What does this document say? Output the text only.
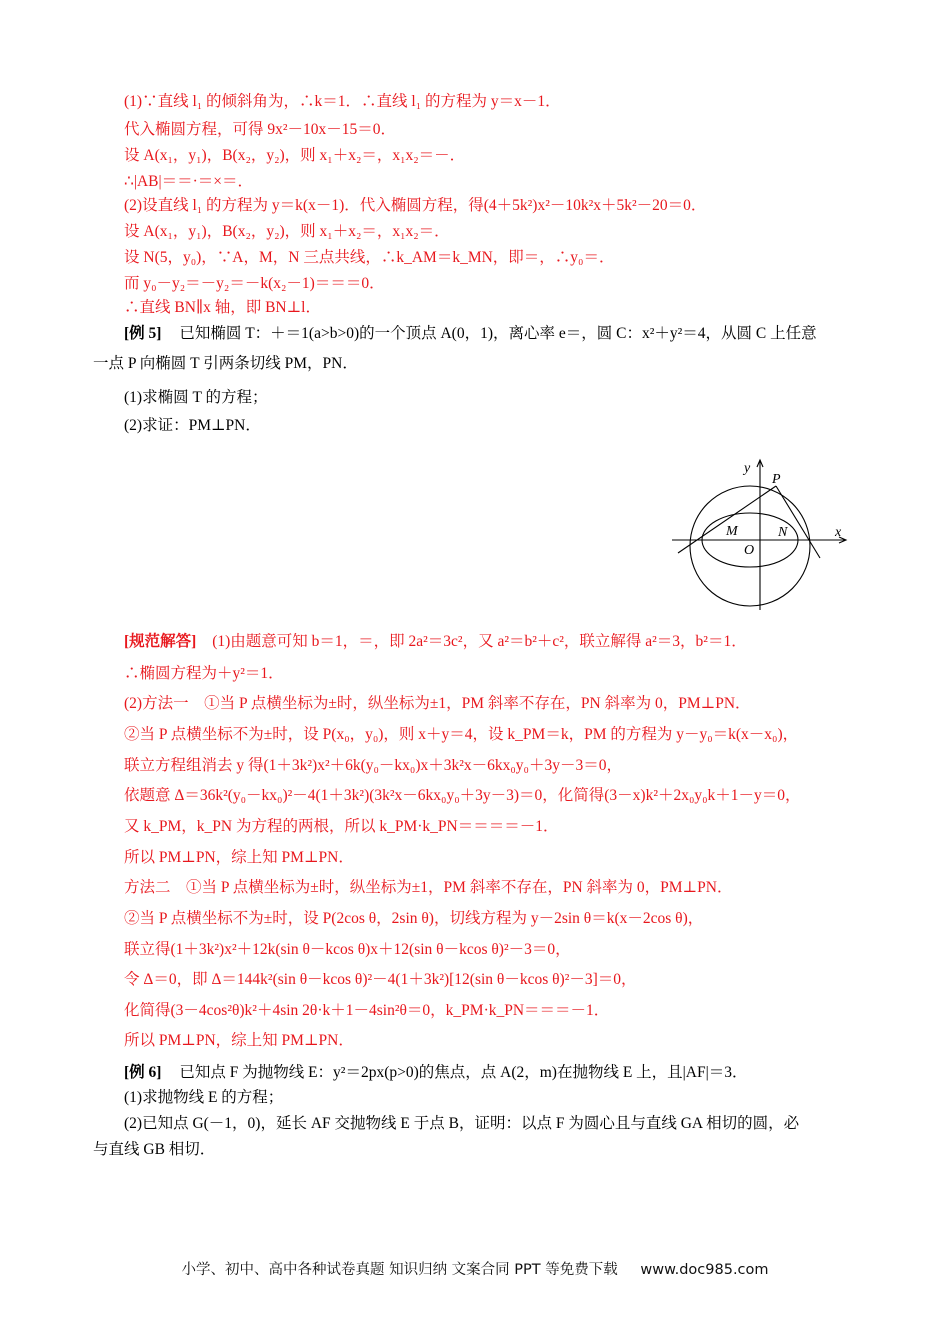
(1)∵直线 l₁ 的倾斜角为，∴k＝1．∴直线 l₁ 的方程为 y＝x－1．
代入椭圆方程，可得 9x²－10x－15＝0．
设 A(x₁，y₁)，B(x₂，y₂)，则 x₁＋x₂＝，x₁x₂＝－．
∴|AB|＝＝·＝×＝．
(2)设直线 l₁ 的方程为 y＝k(x－1)．代入椭圆方程，得(4＋5k²)x²－10k²x＋5k²－20＝0．
设 A(x₁，y₁)，B(x₂，y₂)，则 x₁＋x₂＝，x₁x₂＝．
设 N(5，y₀)，∵A，M，N 三点共线，∴k_AM＝k_MN，即＝，∴y₀＝．
而 y₀－y₂＝－y₂＝－k(x₂－1)＝＝＝0．
∴直线 BN∥x 轴，即 BN⊥l．
[例 5] 已知椭圆 T：＋＝1(a>b>0)的一个顶点 A(0，1)，离心率 e＝，圆 C：x²＋y²＝4，从圆 C 上任意
一点 P 向椭圆 T 引两条切线 PM，PN．
(1)求椭圆 T 的方程；
(2)求证：PM⊥PN．
y
x
P
M	N
O
[规范解答] (1)由题意可知 b＝1，＝，即 2a²＝3c²，又 a²＝b²＋c²，联立解得 a²＝3，b²＝1．
∴椭圆方程为＋y²＝1．
(2)方法一　①当 P 点横坐标为±时，纵坐标为±1，PM 斜率不存在，PN 斜率为 0，PM⊥PN．
②当 P 点横坐标不为±时，设 P(x₀，y₀)，则 x＋y＝4，设 k_PM＝k，PM 的方程为 y－y₀＝k(x－x₀)，
联立方程组消去 y 得(1＋3k²)x²＋6k(y₀－kx₀)x＋3k²x－6kx₀y₀＋3y－3＝0，
依题意 Δ＝36k²(y₀－kx₀)²－4(1＋3k²)(3k²x－6kx₀y₀＋3y－3)＝0，化简得(3－x)k²＋2x₀y₀k＋1－y＝0，
又 k_PM，k_PN 为方程的两根，所以 k_PM·k_PN＝＝＝＝－1．
所以 PM⊥PN，综上知 PM⊥PN．
方法二　①当 P 点横坐标为±时，纵坐标为±1，PM 斜率不存在，PN 斜率为 0，PM⊥PN．
②当 P 点横坐标不为±时，设 P(2cos θ，2sin θ)，切线方程为 y－2sin θ＝k(x－2cos θ)，
联立得(1＋3k²)x²＋12k(sin θ－kcos θ)x＋12(sin θ－kcos θ)²－3＝0，
令 Δ＝0，即 Δ＝144k²(sin θ－kcos θ)²－4(1＋3k²)[12(sin θ－kcos θ)²－3]＝0，
化简得(3－4cos²θ)k²＋4sin 2θ·k＋1－4sin²θ＝0，k_PM·k_PN＝＝＝－1．
所以 PM⊥PN，综上知 PM⊥PN．
[例 6] 已知点 F 为抛物线 E：y²＝2px(p>0)的焦点，点 A(2，m)在抛物线 E 上，且|AF|＝3．
(1)求抛物线 E 的方程；
(2)已知点 G(－1，0)，延长 AF 交抛物线 E 于点 B，证明：以点 F 为圆心且与直线 GA 相切的圆，必
与直线 GB 相切．
小学、初中、高中各种试卷真题 知识归纳 文案合同 PPT 等免费下载 www.doc985.com
